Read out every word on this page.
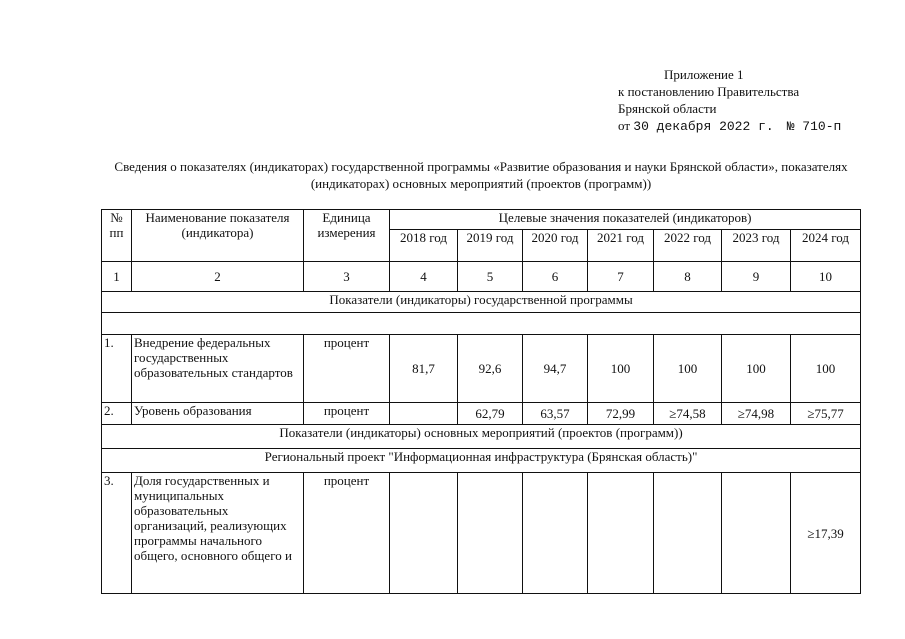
Приложение 1
к постановлению Правительства
Брянской области
от 30 декабря 2022 г. № 710-п
Сведения о показателях (индикаторах) государственной программы «Развитие образования и науки Брянской области», показателях (индикаторах) основных мероприятий (проектов (программ))
№ пп	Наименование показателя (индикатора)	Единица измерения	Целевые значения показателей (индикаторов)						
			2018 год	2019 год	2020 год	2021 год	2022 год	2023 год	2024 год
1	2	3	4	5	6	7	8	9	10
Показатели (индикаторы) государственной программы									

1.	Внедрение федеральных государственных образовательных стандартов	процент	81,7	92,6	94,7	100	100	100	100
2.	Уровень образования	процент		62,79	63,57	72,99	≥74,58	≥74,98	≥75,77
Показатели (индикаторы) основных мероприятий (проектов (программ))									
Региональный проект "Информационная инфраструктура (Брянская область)"									
3.	Доля государственных и муниципальных образовательных организаций, реализующих программы начального общего, основного общего и	процент							≥17,39
